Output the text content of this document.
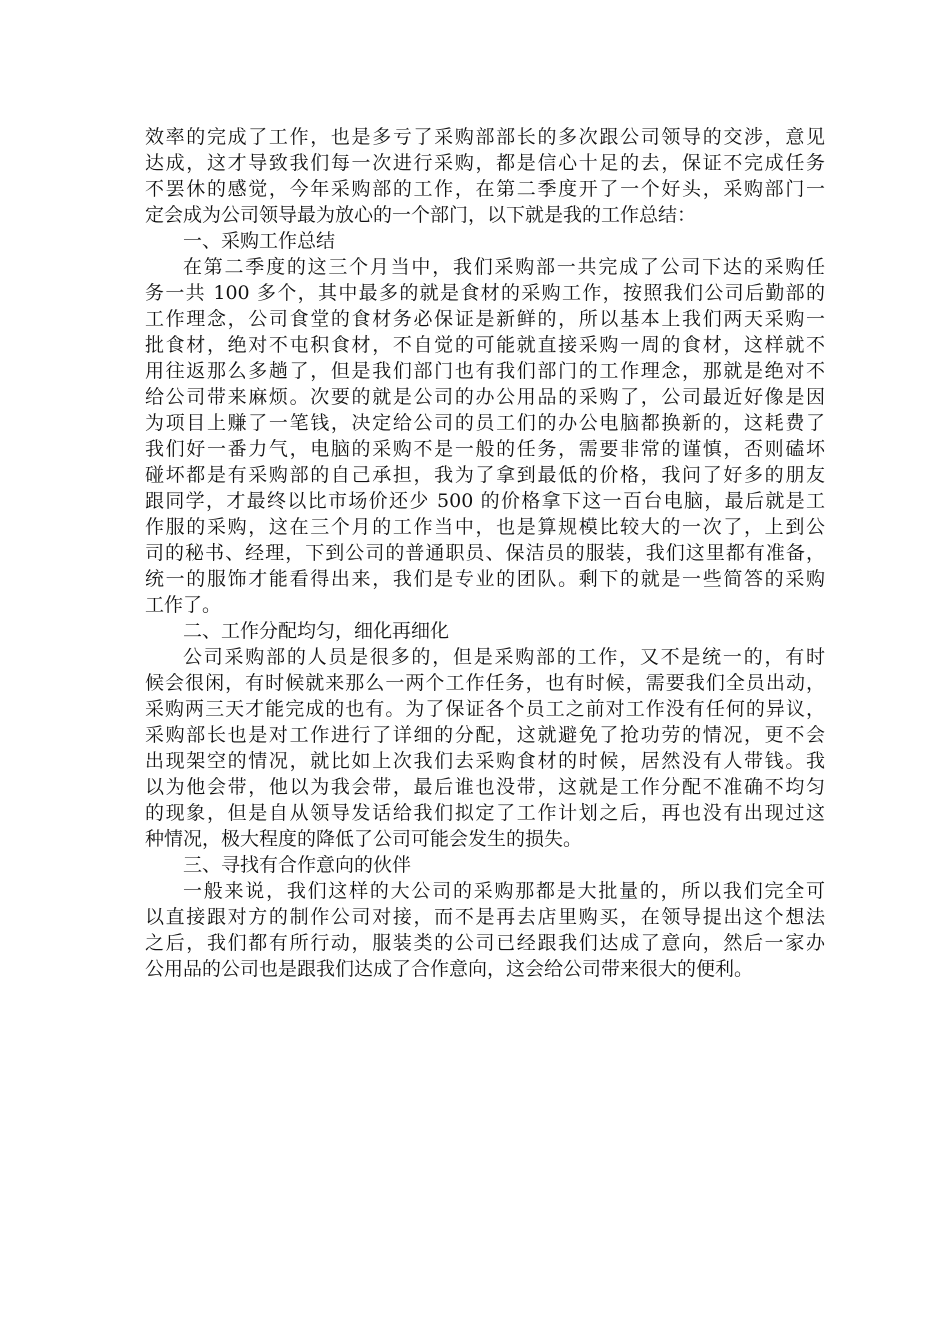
效率的完成了工作，也是多亏了采购部部长的多次跟公司领导的交涉，意见
达成，这才导致我们每一次进行采购，都是信心十足的去，保证不完成任务
不罢休的感觉，今年采购部的工作，在第二季度开了一个好头，采购部门一
定会成为公司领导最为放心的一个部门，以下就是我的工作总结：
一、采购工作总结
在第二季度的这三个月当中，我们采购部一共完成了公司下达的采购任
务一共 100 多个，其中最多的就是食材的采购工作，按照我们公司后勤部的
工作理念，公司食堂的食材务必保证是新鲜的，所以基本上我们两天采购一
批食材，绝对不屯积食材，不自觉的可能就直接采购一周的食材，这样就不
用往返那么多趟了，但是我们部门也有我们部门的工作理念，那就是绝对不
给公司带来麻烦。次要的就是公司的办公用品的采购了，公司最近好像是因
为项目上赚了一笔钱，决定给公司的员工们的办公电脑都换新的，这耗费了
我们好一番力气，电脑的采购不是一般的任务，需要非常的谨慎，否则磕坏
碰坏都是有采购部的自己承担，我为了拿到最低的价格，我问了好多的朋友
跟同学，才最终以比市场价还少 500 的价格拿下这一百台电脑，最后就是工
作服的采购，这在三个月的工作当中，也是算规模比较大的一次了，上到公
司的秘书、经理，下到公司的普通职员、保洁员的服装，我们这里都有准备，
统一的服饰才能看得出来，我们是专业的团队。剩下的就是一些简答的采购
工作了。
二、工作分配均匀，细化再细化
公司采购部的人员是很多的，但是采购部的工作，又不是统一的，有时
候会很闲，有时候就来那么一两个工作任务，也有时候，需要我们全员出动，
采购两三天才能完成的也有。为了保证各个员工之前对工作没有任何的异议，
采购部长也是对工作进行了详细的分配，这就避免了抢功劳的情况，更不会
出现架空的情况，就比如上次我们去采购食材的时候，居然没有人带钱。我
以为他会带，他以为我会带，最后谁也没带，这就是工作分配不准确不均匀
的现象，但是自从领导发话给我们拟定了工作计划之后，再也没有出现过这
种情况，极大程度的降低了公司可能会发生的损失。
三、寻找有合作意向的伙伴
一般来说，我们这样的大公司的采购那都是大批量的，所以我们完全可
以直接跟对方的制作公司对接，而不是再去店里购买，在领导提出这个想法
之后，我们都有所行动，服装类的公司已经跟我们达成了意向，然后一家办
公用品的公司也是跟我们达成了合作意向，这会给公司带来很大的便利。
